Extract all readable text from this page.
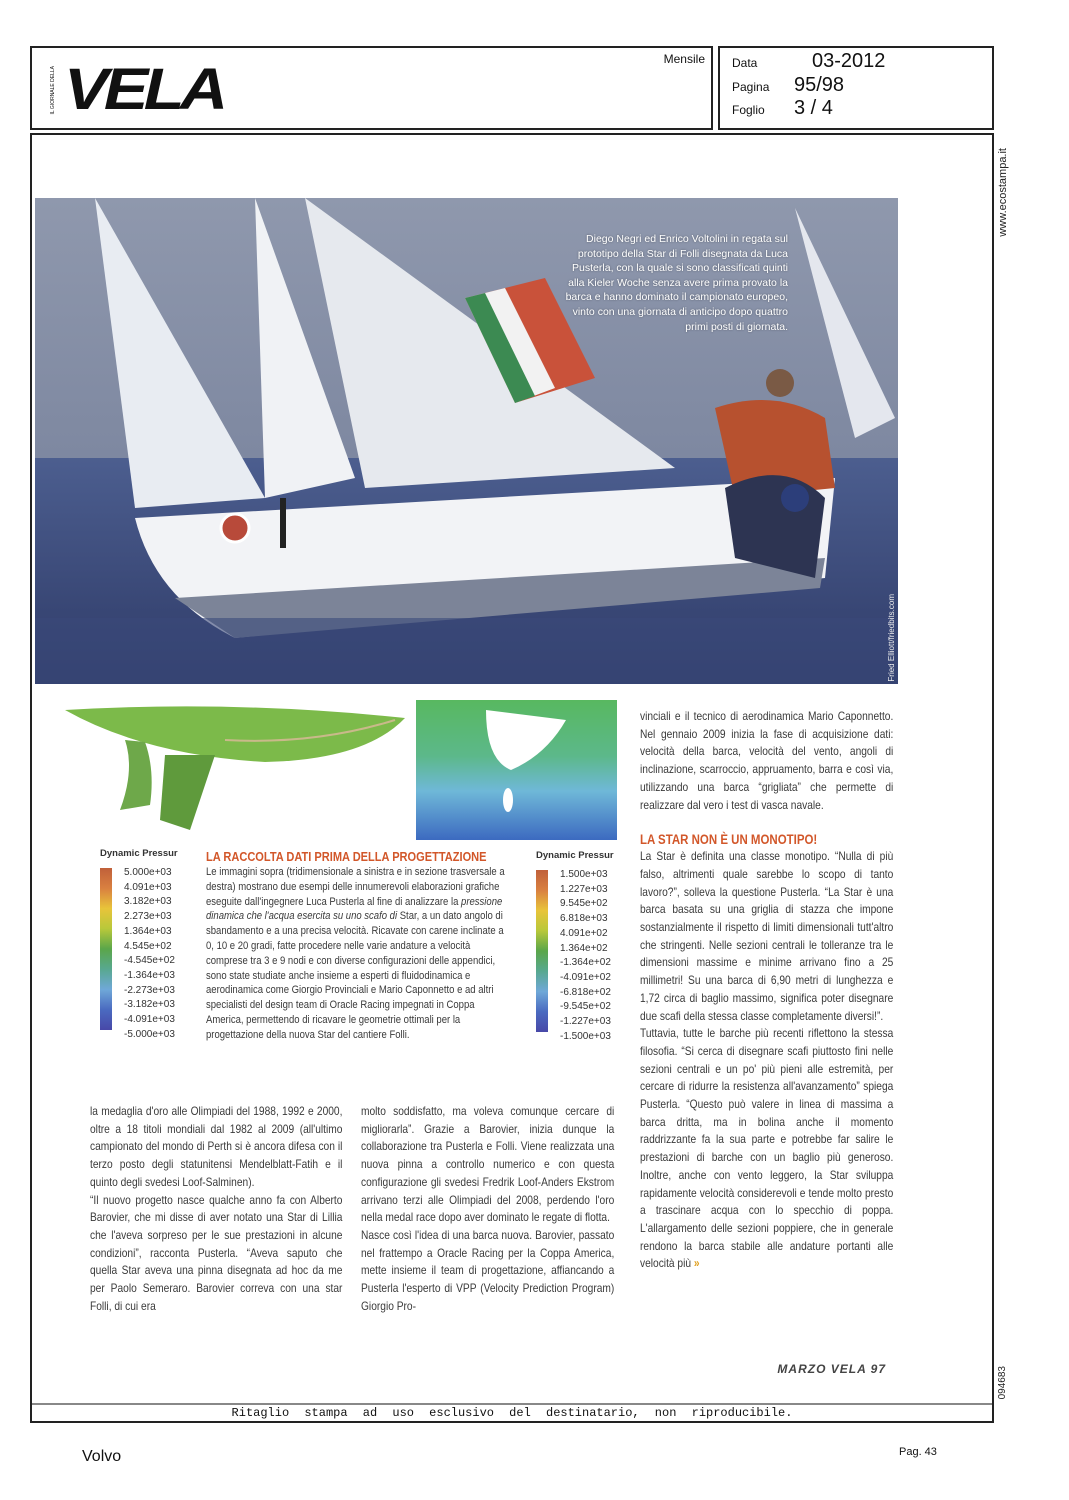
IL GIORNALE DELLA VELA	Mensile Data	03-2012
Pagina 95/98
Foglio 3 / 4
www.ecostampa.it
094683
Ritaglio stampa ad uso esclusivo del destinatario, non riproducibile.
Diego Negri ed Enrico Voltolini in regata sul prototipo della Star di Folli disegnata da Luca Pusterla, con la quale si sono classificati quinti alla Kieler Woche senza avere prima provato la barca e hanno dominato il campionato europeo, vinto con una giornata di anticipo dopo quattro primi posti di giornata.
Fried Elliott/friedbits.com
Dynamic Pressur
5.000e+03
4.091e+03
3.182e+03
2.273e+03
1.364e+03
4.545e+02
-4.545e+02
-1.364e+03
-2.273e+03
-3.182e+03
-4.091e+03
-5.000e+03
LA RACCOLTA DATI PRIMA DELLA PROGETTAZIONE

Le immagini sopra (tridimensionale a sinistra e in sezione trasversale a destra) mostrano due esempi delle innumerevoli elaborazioni grafiche eseguite dall'ingegnere Luca Pusterla al fine di analizzare la pressione dinamica che l'acqua esercita su uno scafo di Star, a un dato angolo di sbandamento e a una precisa velocità. Ricavate con carene inclinate a 0, 10 e 20 gradi, fatte procedere nelle varie andature a velocità comprese tra 3 e 9 nodi e con diverse configurazioni delle appendici, sono state studiate anche insieme a esperti di fluidodinamica e aerodinamica come Giorgio Provinciali e Mario Caponnetto e ad altri specialisti del design team di Oracle Racing impegnati in Coppa America, permettendo di ricavare le geometrie ottimali per la progettazione della nuova Star del cantiere Folli.

Dynamic Pressur
1.500e+03
1.227e+03
9.545e+02
6.818e+03
4.091e+02
1.364e+02
-1.364e+02
-4.091e+02
-6.818e+02
-9.545e+02
-1.227e+03
-1.500e+03

vinciali e il tecnico di aerodinamica Mario Caponnetto. Nel gennaio 2009 inizia la fase di acquisizione dati: velocità della barca, velocità del vento, angoli di inclinazione, scarroccio, appruamento, barra e così via, utilizzando una barca “grigliata” che permette di realizzare dal vero i test di vasca navale.

LA STAR NON È UN MONOTIPO!

La Star è definita una classe monotipo. “Nulla di più falso, altrimenti quale sarebbe lo scopo di tanto lavoro?”, solleva la questione Pusterla. “La Star è una barca basata su una griglia di stazza che impone sostanzialmente il rispetto di limiti dimensionali tutt'altro che stringenti. Nelle sezioni centrali le tolleranze tra le dimensioni massime e minime arrivano fino a 25 millimetri! Su una barca di 6,90 metri di lunghezza e 1,72 circa di baglio massimo, significa poter disegnare due scafi della stessa classe completamente diversi!”.

Tuttavia, tutte le barche più recenti riflettono la stessa filosofia. “Si cerca di disegnare scafi piuttosto fini nelle sezioni centrali e un po' più pieni alle estremità, per cercare di ridurre la resistenza all'avanzamento” spiega Pusterla. “Questo può valere in linea di massima a barca dritta, ma in bolina anche il momento raddrizzante fa la sua parte e potrebbe far salire le prestazioni di barche con un baglio più generoso. Inoltre, anche con vento leggero, la Star sviluppa rapidamente velocità considerevoli e tende molto presto a trascinare acqua con lo specchio di poppa. L'allargamento delle sezioni poppiere, che in generale rendono la barca stabile alle andature portanti alle velocità più »

la medaglia d'oro alle Olimpiadi del 1988, 1992 e 2000, oltre a 18 titoli mondiali dal 1982 al 2009 (all'ultimo campionato del mondo di Perth si è ancora difesa con il terzo posto degli statunitensi Mendelblatt-Fatih e il quinto degli svedesi Loof-Salminen).

“Il nuovo progetto nasce qualche anno fa con Alberto Barovier, che mi disse di aver notato una Star di Lillia che l'aveva sorpreso per le sue prestazioni in alcune condizioni”, racconta Pusterla. “Aveva saputo che quella Star aveva una pinna disegnata ad hoc da me per Paolo Semeraro. Barovier correva con una star Folli, di cui era

molto soddisfatto, ma voleva comunque cercare di migliorarla”. Grazie a Barovier, inizia dunque la collaborazione tra Pusterla e Folli. Viene realizzata una nuova pinna a controllo numerico e con questa configurazione gli svedesi Fredrik Loof-Anders Ekstrom arrivano terzi alle Olimpiadi del 2008, perdendo l'oro nella medal race dopo aver dominato le regate di flotta.

Nasce così l'idea di una barca nuova. Barovier, passato nel frattempo a Oracle Racing per la Coppa America, mette insieme il team di progettazione, affiancando a Pusterla l'esperto di VPP (Velocity Prediction Program) Giorgio Pro-

MARZO VELA 97
Volvo	Pag. 43
